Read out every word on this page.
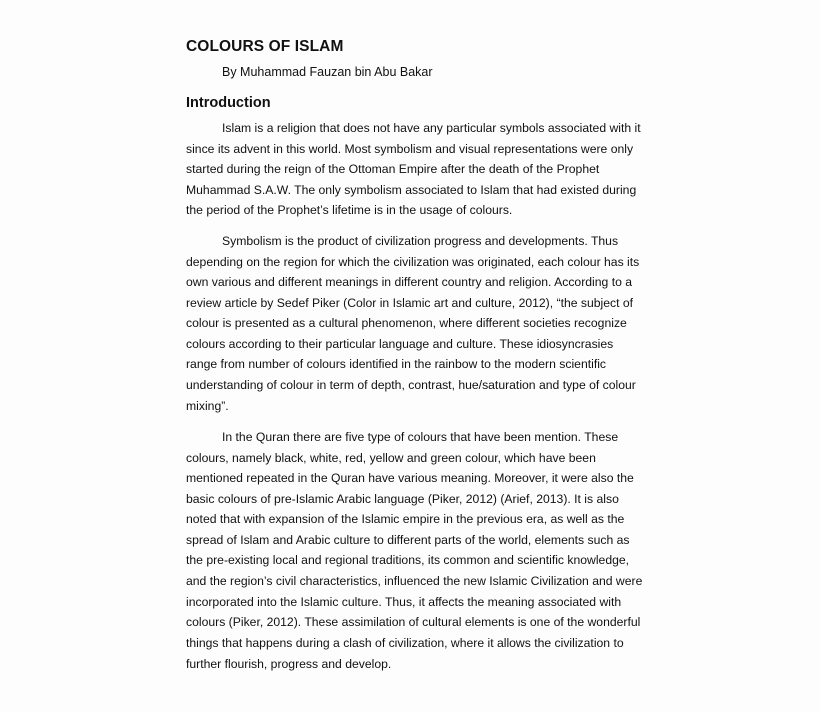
COLOURS OF ISLAM

By Muhammad Fauzan bin Abu Bakar

Introduction

Islam is a religion that does not have any particular symbols associated with it

since its advent in this world. Most symbolism and visual representations were only

started during the reign of the Ottoman Empire after the death of the Prophet

Muhammad S.A.W. The only symbolism associated to Islam that had existed during

the period of the Prophet’s lifetime is in the usage of colours.

Symbolism is the product of civilization progress and developments. Thus

depending on the region for which the civilization was originated, each colour has its

own various and different meanings in different country and religion. According to a

review article by Sedef Piker (Color in Islamic art and culture, 2012), “the subject of

colour is presented as a cultural phenomenon, where different societies recognize

colours according to their particular language and culture. These idiosyncrasies

range from number of colours identified in the rainbow to the modern scientific

understanding of colour in term of depth, contrast, hue/saturation and type of colour

mixing”.

In the Quran there are five type of colours that have been mention. These

colours, namely black, white, red, yellow and green colour, which have been

mentioned repeated in the Quran have various meaning. Moreover, it were also the

basic colours of pre-Islamic Arabic language (Piker, 2012) (Arief, 2013). It is also

noted that with expansion of the Islamic empire in the previous era, as well as the

spread of Islam and Arabic culture to different parts of the world, elements such as

the pre-existing local and regional traditions, its common and scientific knowledge,

and the region’s civil characteristics, influenced the new Islamic Civilization and were

incorporated into the Islamic culture. Thus, it affects the meaning associated with

colours (Piker, 2012). These assimilation of cultural elements is one of the wonderful

things that happens during a clash of civilization, where it allows the civilization to

further flourish, progress and develop.
